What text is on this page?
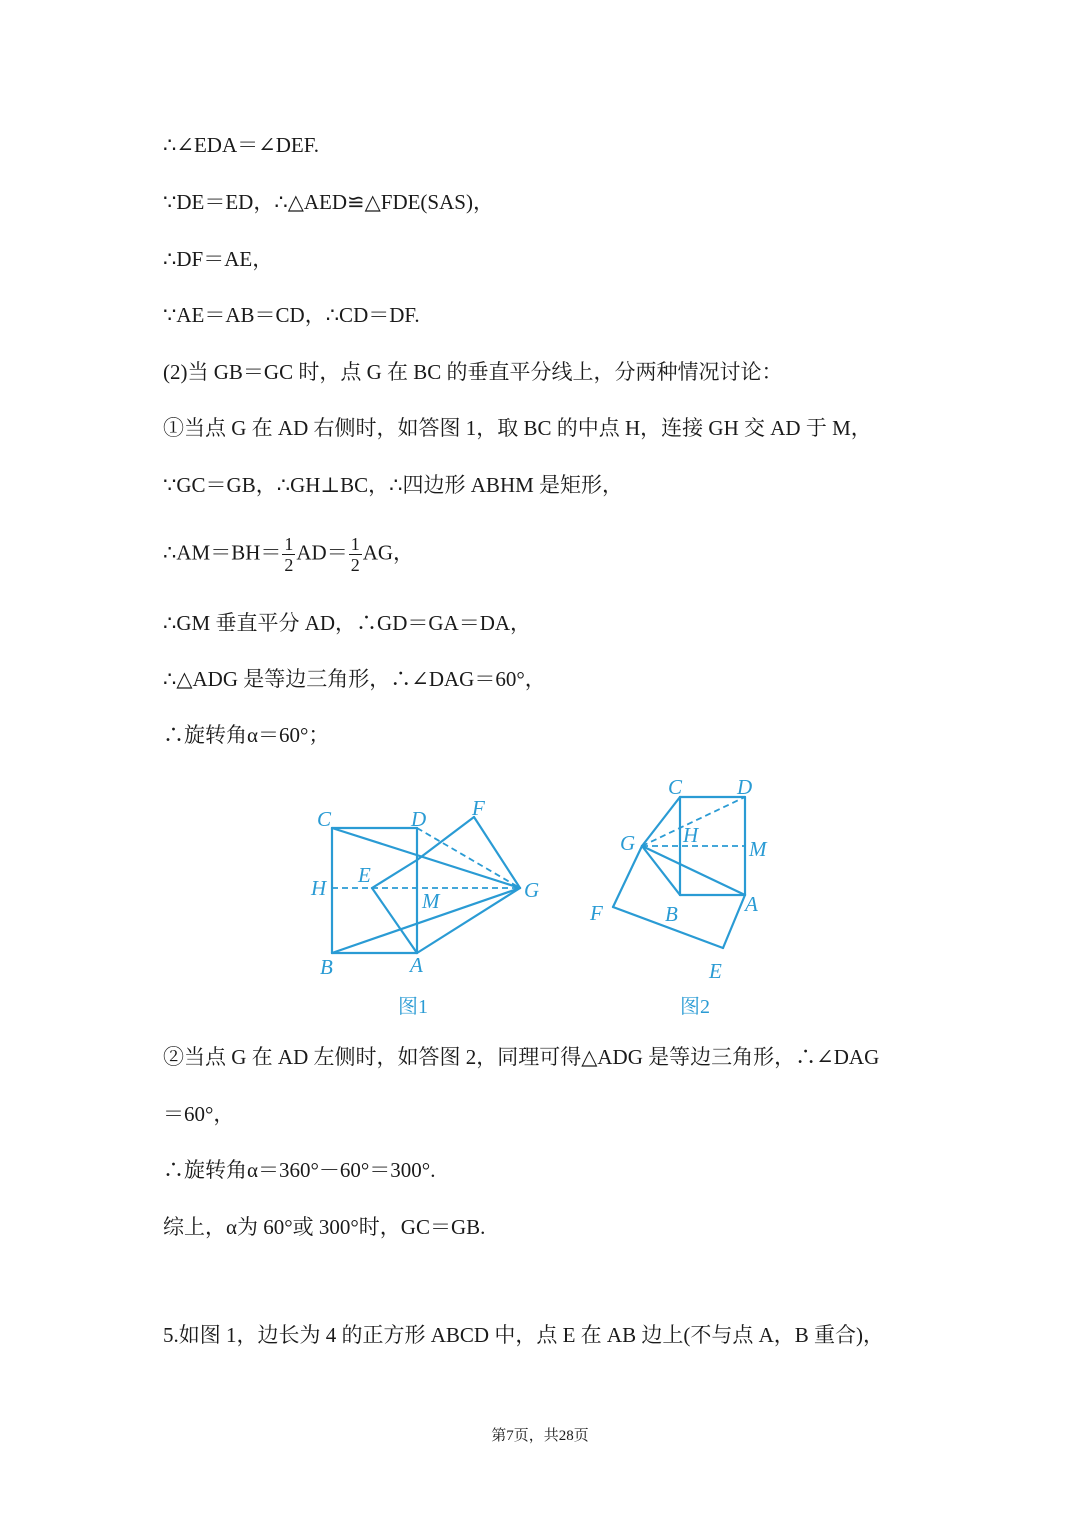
∴∠EDA＝∠DEF.
∵DE＝ED，∴△AED≌△FDE(SAS)，
∴DF＝AE，
∵AE＝AB＝CD，∴CD＝DF.
(2)当 GB＝GC 时，点 G 在 BC 的垂直平分线上，分两种情况讨论：
①当点 G 在 AD 右侧时，如答图 1，取 BC 的中点 H，连接 GH 交 AD 于 M，
∵GC＝GB，∴GH⊥BC，∴四边形 ABHM 是矩形，
∴AM＝BH＝ $\frac{1}{2} AD= \frac{1}{2}$ AG，
∴GM 垂直平分 AD，∴GD＝GA＝DA，
∴△ADG 是等边三角形，∴∠DAG＝60°，
∴旋转角α＝60°；
C	D F
E
H
M	G
B	A
图1
C	D
G H
M
F	B	A
E
图2
②当点 G 在 AD 左侧时，如答图 2，同理可得△ADG 是等边三角形，∴∠DAG
＝60°，
∴旋转角α＝360°－60°＝300°.
综上，α为 60°或 300°时，GC＝GB.
5.如图 1，边长为 4 的正方形 ABCD 中，点 E 在 AB 边上(不与点 A，B 重合)，
第7页，共28页
